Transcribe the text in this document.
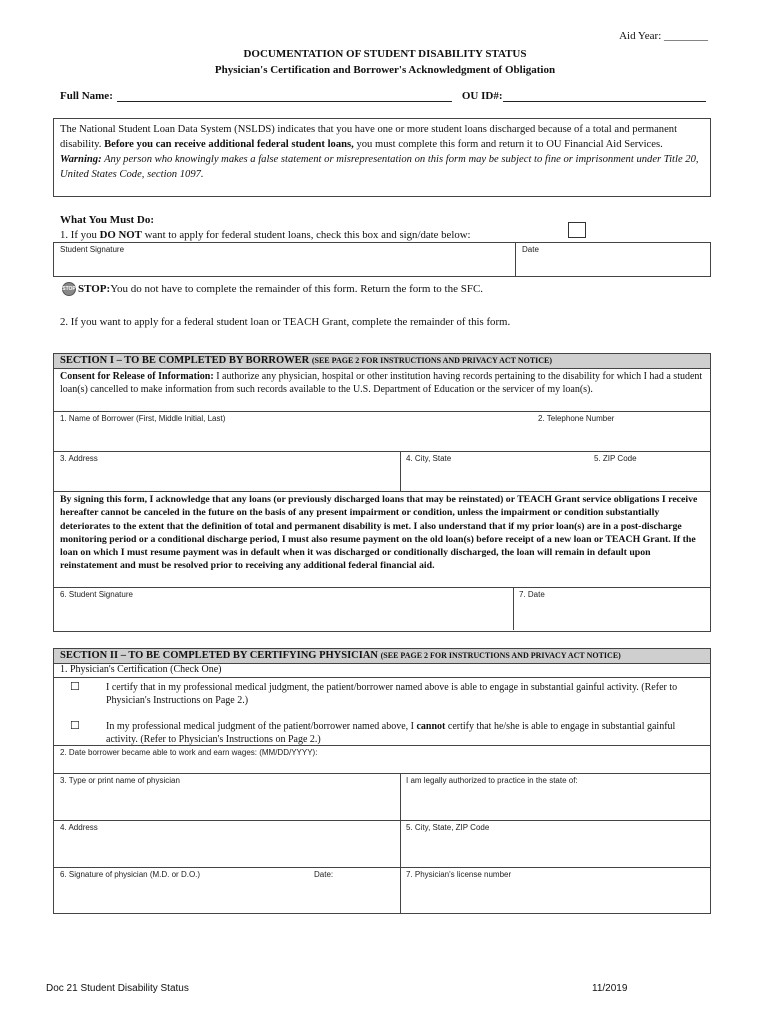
Aid Year: ________
DOCUMENTATION OF STUDENT DISABILITY STATUS
Physician's Certification and Borrower's Acknowledgment of Obligation
Full Name:	OU ID#:
The National Student Loan Data System (NSLDS) indicates that you have one or more student loans discharged because of a total and permanent disability. Before you can receive additional federal student loans, you must complete this form and return it to OU Financial Aid Services.
Warning: Any person who knowingly makes a false statement or misrepresentation on this form may be subject to fine or imprisonment under Title 20, United States Code, section 1097.
What You Must Do:
1. If you DO NOT want to apply for federal student loans, check this box and sign/date below:
Student Signature	Date
STOP STOP: You do not have to complete the remainder of this form. Return the form to the SFC.
2. If you want to apply for a federal student loan or TEACH Grant, complete the remainder of this form.
SECTION I – TO BE COMPLETED BY BORROWER (SEE PAGE 2 FOR INSTRUCTIONS AND PRIVACY ACT NOTICE)
Consent for Release of Information: I authorize any physician, hospital or other institution having records pertaining to the disability for which I had a student loan(s) cancelled to make information from such records available to the U.S. Department of Education or the servicer of my loan(s).
1. Name of Borrower (First, Middle Initial, Last)	2. Telephone Number
3. Address	4. City, State	5. ZIP Code
By signing this form, I acknowledge that any loans (or previously discharged loans that may be reinstated) or TEACH Grant service obligations I receive hereafter cannot be canceled in the future on the basis of any present impairment or condition, unless the impairment or condition substantially deteriorates to the extent that the definition of total and permanent disability is met. I also understand that if my prior loan(s) are in a post-discharge monitoring period or a conditional discharge period, I must also resume payment on the old loan(s) before receipt of a new loan or TEACH Grant. If the loan on which I must resume payment was in default when it was discharged or conditionally discharged, the loan will remain in default upon reinstatement and must be resolved prior to receiving any additional federal financial aid.
6. Student Signature	7. Date
SECTION II – TO BE COMPLETED BY CERTIFYING PHYSICIAN (SEE PAGE 2 FOR INSTRUCTIONS AND PRIVACY ACT NOTICE)
1. Physician's Certification (Check One)
☐	I certify that in my professional medical judgment, the patient/borrower named above is able to engage in substantial gainful activity. (Refer to Physician's Instructions on Page 2.)
☐	In my professional medical judgment of the patient/borrower named above, I cannot certify that he/she is able to engage in substantial gainful activity. (Refer to Physician's Instructions on Page 2.)
2. Date borrower became able to work and earn wages: (MM/DD/YYYY):
3. Type or print name of physician	I am legally authorized to practice in the state of:
4. Address	5. City, State, ZIP Code
6. Signature of physician (M.D. or D.O.)	Date:	7. Physician's license number
Doc 21 Student Disability Status	11/2019
